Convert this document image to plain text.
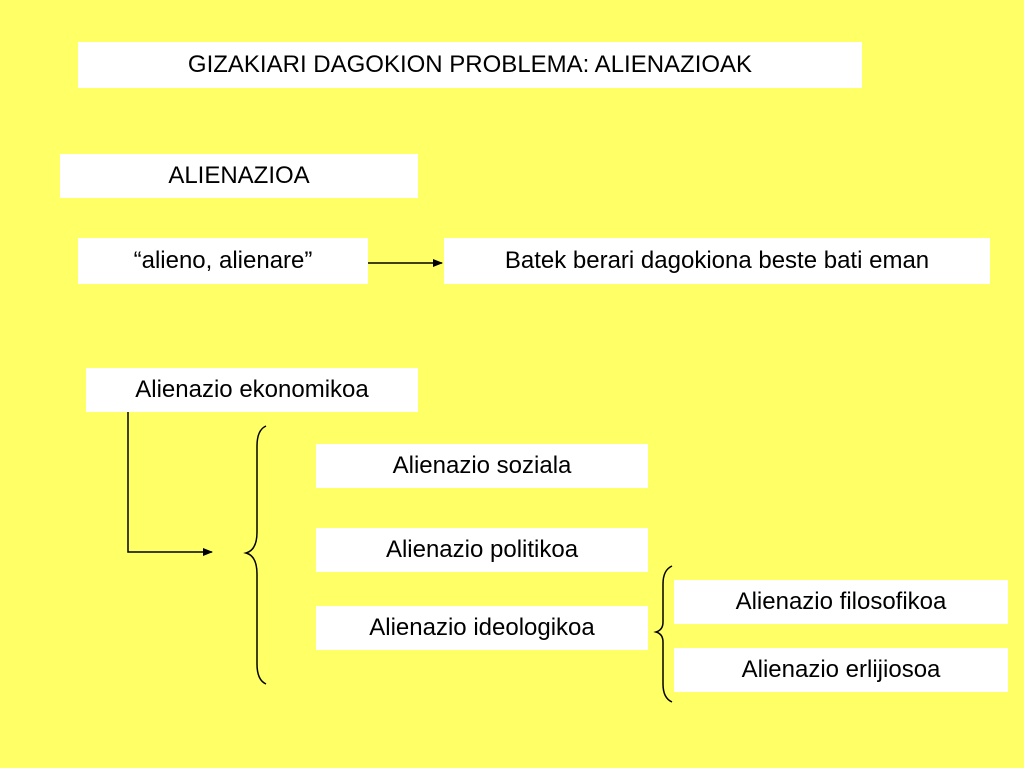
GIZAKIARI DAGOKION PROBLEMA: ALIENAZIOAK
ALIENAZIOA
“alieno, alienare”	Batek berari dagokiona beste bati eman
Alienazio ekonomikoa
Alienazio soziala
Alienazio politikoa
Alienazio ideologikoa
Alienazio filosofikoa
Alienazio erlijiosoa
